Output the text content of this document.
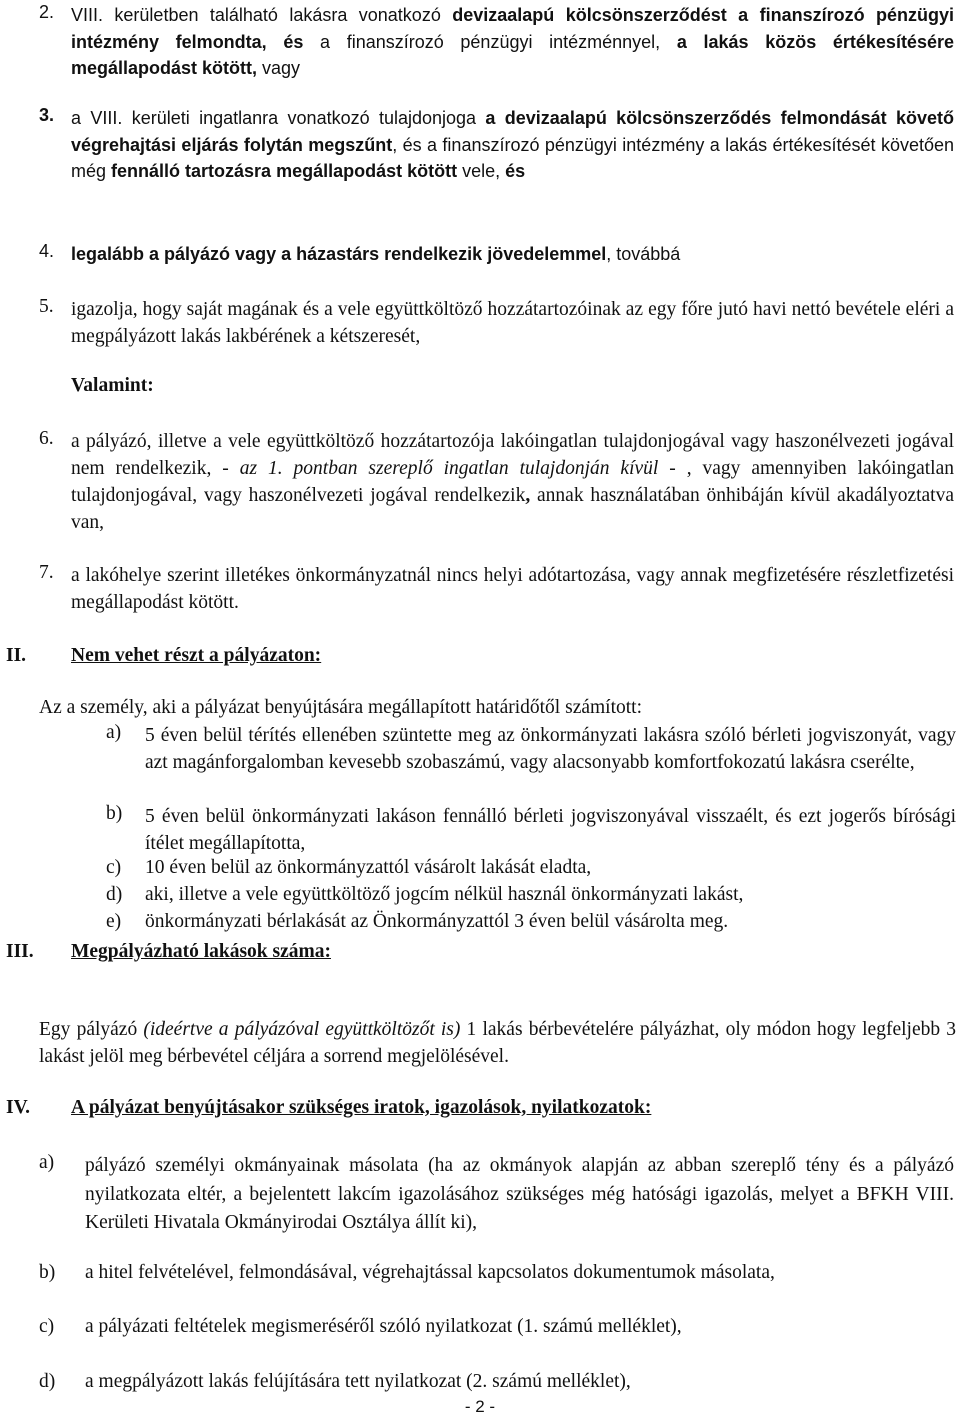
2. VIII. kerületben található lakásra vonatkozó devizaalapú kölcsönszerződést a finanszírozó pénzügyi intézmény felmondta, és a finanszírozó pénzügyi intézménnyel, a lakás közös értékesítésére megállapodást kötött, vagy
3. a VIII. kerületi ingatlanra vonatkozó tulajdonjoga a devizaalapú kölcsönszerződés felmondását követő végrehajtási eljárás folytán megszűnt, és a finanszírozó pénzügyi intézmény a lakás értékesítését követően még fennálló tartozásra megállapodást kötött vele, és
4. legalább a pályázó vagy a házastárs rendelkezik jövedelemmel, továbbá
5. igazolja, hogy saját magának és a vele együttköltöző hozzátartozóinak az egy főre jutó havi nettó bevétele eléri a megpályázott lakás lakbérének a kétszeresét,
Valamint:
6. a pályázó, illetve a vele együttköltöző hozzátartozója lakóingatlan tulajdonjogával vagy haszonélvezeti jogával nem rendelkezik, - az 1. pontban szereplő ingatlan tulajdonján kívül - , vagy amennyiben lakóingatlan tulajdonjogával, vagy haszonélvezeti jogával rendelkezik, annak használatában önhibáján kívül akadályoztatva van,
7. a lakóhelye szerint illetékes önkormányzatnál nincs helyi adótartozása, vagy annak megfizetésére részletfizetési megállapodást kötött.
II. Nem vehet részt a pályázaton:
Az a személy, aki a pályázat benyújtására megállapított határidőtől számított:
a) 5 éven belül térítés ellenében szüntette meg az önkormányzati lakásra szóló bérleti jogviszonyát, vagy azt magánforgalomban kevesebb szobaszámú, vagy alacsonyabb komfortfokozatú lakásra cserélte,
b) 5 éven belül önkormányzati lakáson fennálló bérleti jogviszonyával visszaélt, és ezt jogerős bírósági ítélet megállapította,
c) 10 éven belül az önkormányzattól vásárolt lakását eladta,
d) aki, illetve a vele együttköltöző jogcím nélkül használ önkormányzati lakást,
e) önkormányzati bérlakását az Önkormányzattól 3 éven belül vásárolta meg.
III. Megpályázható lakások száma:
Egy pályázó (ideértve a pályázóval együttköltözőt is) 1 lakás bérbevételére pályázhat, oly módon hogy legfeljebb 3 lakást jelöl meg bérbevétel céljára a sorrend megjelölésével.
IV. A pályázat benyújtásakor szükséges iratok, igazolások, nyilatkozatok:
a) pályázó személyi okmányainak másolata (ha az okmányok alapján az abban szereplő tény és a pályázó nyilatkozata eltér, a bejelentett lakcím igazolásához szükséges még hatósági igazolás, melyet a BFKH VIII. Kerületi Hivatala Okmányirodai Osztálya állít ki),
b) a hitel felvételével, felmondásával, végrehajtással kapcsolatos dokumentumok másolata,
c) a pályázati feltételek megismeréséről szóló nyilatkozat (1. számú melléklet),
d) a megpályázott lakás felújítására tett nyilatkozat (2. számú melléklet),
- 2 -
